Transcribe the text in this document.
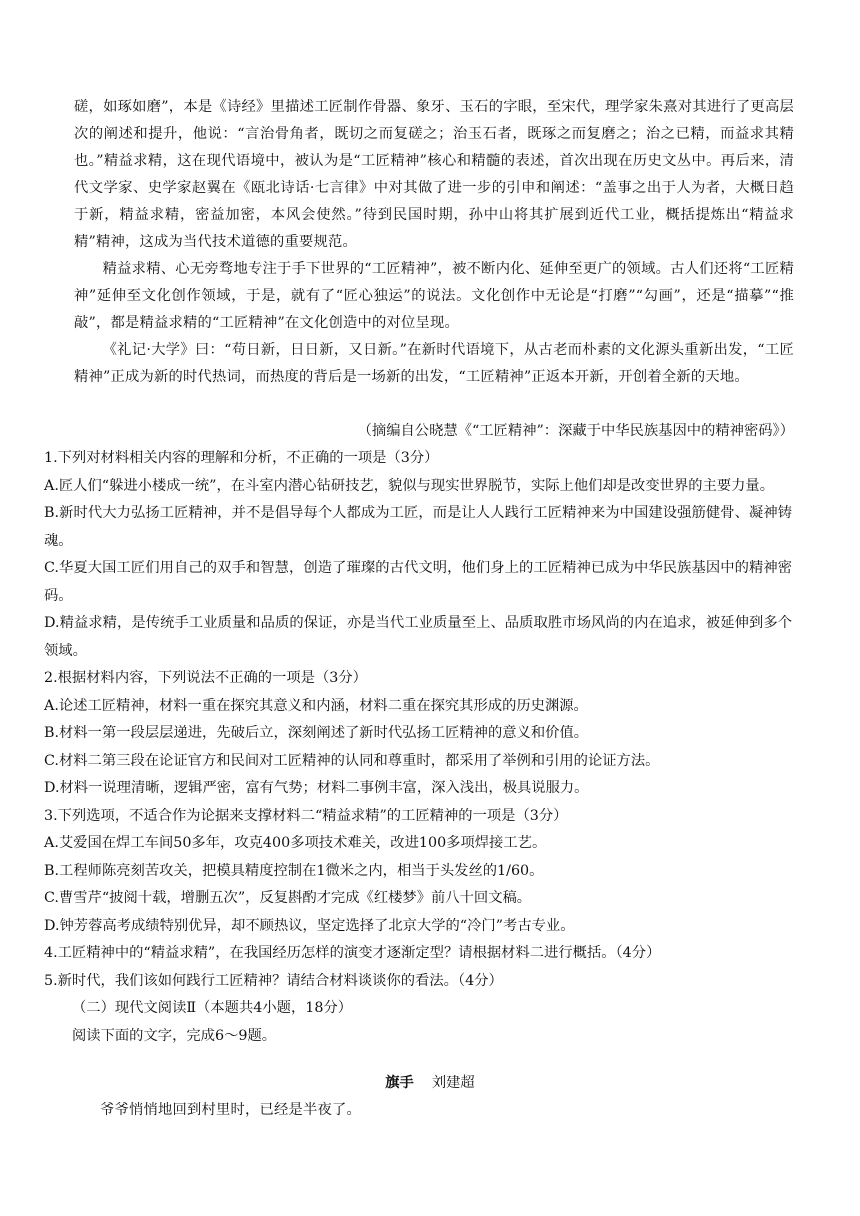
磋，如琢如磨”，本是《诗经》里描述工匠制作骨器、象牙、玉石的字眼，至宋代，理学家朱熹对其进行了更高层次的阐述和提升，他说：“言治骨角者，既切之而复磋之；治玉石者，既琢之而复磨之；治之已精，而益求其精也。”精益求精，这在现代语境中，被认为是“工匠精神”核心和精髓的表述，首次出现在历史文丛中。再后来，清代文学家、史学家赵翼在《瓯北诗话·七言律》中对其做了进一步的引申和阐述：“盖事之出于人为者，大概日趋于新，精益求精，密益加密，本风会使然。”待到民国时期，孙中山将其扩展到近代工业，概括提炼出“精益求精”精神，这成为当代技术道德的重要规范。

精益求精、心无旁骛地专注于手下世界的“工匠精神”，被不断内化、延伸至更广的领域。古人们还将“工匠精神”延伸至文化创作领域，于是，就有了“匠心独运”的说法。文化创作中无论是“打磨”“勾画”，还是“描摹”“推敲”，都是精益求精的“工匠精神”在文化创造中的对位呈现。

《礼记·大学》曰：“苟日新，日日新，又日新。”在新时代语境下，从古老而朴素的文化源头重新出发，“工匠精神”正成为新的时代热词，而热度的背后是一场新的出发，“工匠精神”正返本开新，开创着全新的天地。

（摘编自公晓慧《“工匠精神”：深藏于中华民族基因中的精神密码》）

1.下列对材料相关内容的理解和分析，不正确的一项是（3分）

A.匠人们“躲进小楼成一统”，在斗室内潜心钻研技艺，貌似与现实世界脱节，实际上他们却是改变世界的主要力量。

B.新时代大力弘扬工匠精神，并不是倡导每个人都成为工匠，而是让人人践行工匠精神来为中国建设强筋健骨、凝神铸魂。

C.华夏大国工匠们用自己的双手和智慧，创造了璀璨的古代文明，他们身上的工匠精神已成为中华民族基因中的精神密码。

D.精益求精，是传统手工业质量和品质的保证，亦是当代工业质量至上、品质取胜市场风尚的内在追求，被延伸到多个领域。

2.根据材料内容，下列说法不正确的一项是（3分）

A.论述工匠精神，材料一重在探究其意义和内涵，材料二重在探究其形成的历史渊源。

B.材料一第一段层层递进，先破后立，深刻阐述了新时代弘扬工匠精神的意义和价值。

C.材料二第三段在论证官方和民间对工匠精神的认同和尊重时，都采用了举例和引用的论证方法。

D.材料一说理清晰，逻辑严密，富有气势；材料二事例丰富，深入浅出，极具说服力。

3.下列选项，不适合作为论据来支撑材料二“精益求精”的工匠精神的一项是（3分）

A.艾爱国在焊工车间50多年，攻克400多项技术难关，改进100多项焊接工艺。

B.工程师陈亮刻苦攻关，把模具精度控制在1微米之内，相当于头发丝的1/60。

C.曹雪芹“披阅十载，增删五次”，反复斟酌才完成《红楼梦》前八十回文稿。

D.钟芳蓉高考成绩特别优异，却不顾热议，坚定选择了北京大学的“冷门”考古专业。

4.工匠精神中的“精益求精”，在我国经历怎样的演变才逐渐定型？请根据材料二进行概括。（4分）

5.新时代，我们该如何践行工匠精神？请结合材料谈谈你的看法。（4分）

（二）现代文阅读Ⅱ（本题共4小题，18分）

阅读下面的文字，完成6～9题。

旗手 刘建超

爷爷悄悄地回到村里时，已经是半夜了。
